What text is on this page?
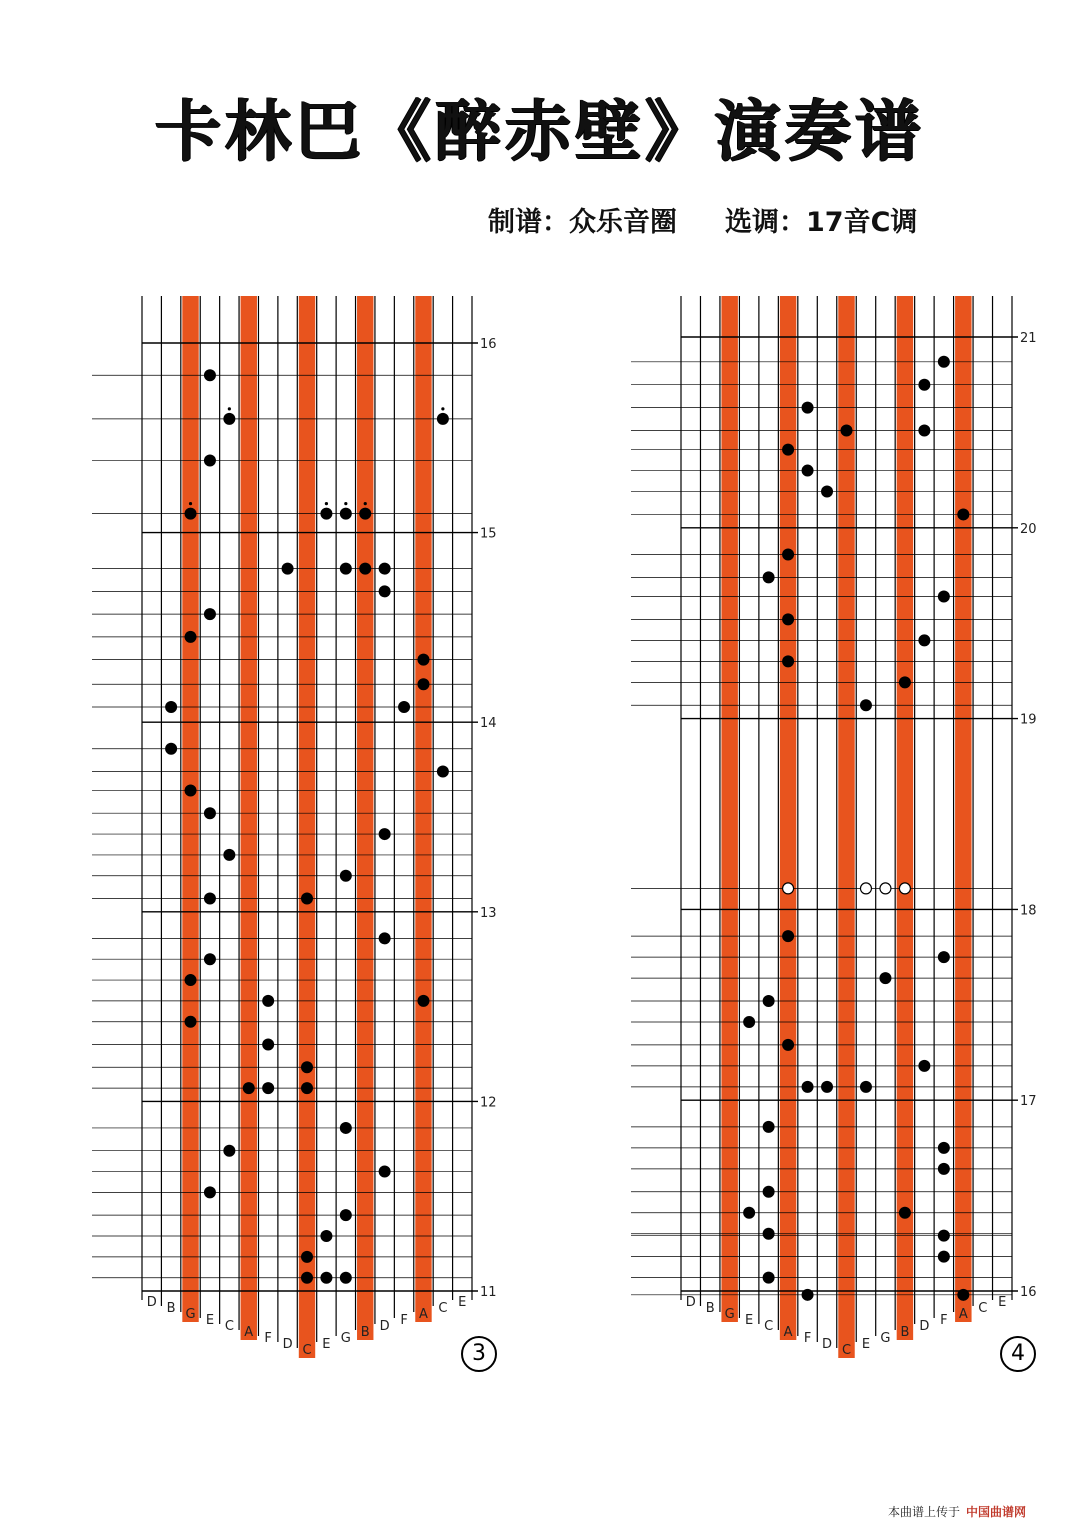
卡林巴《醉赤壁》演奏谱
制谱：众乐音圈 选调：17音C调
16
15
14
13
12
11
D B G E C A F D C E G B D F A C E
21
20
19
18
17
16
D B G E C A F D C E G B D F A C E
3	4
本曲谱上传于 中国曲谱网
